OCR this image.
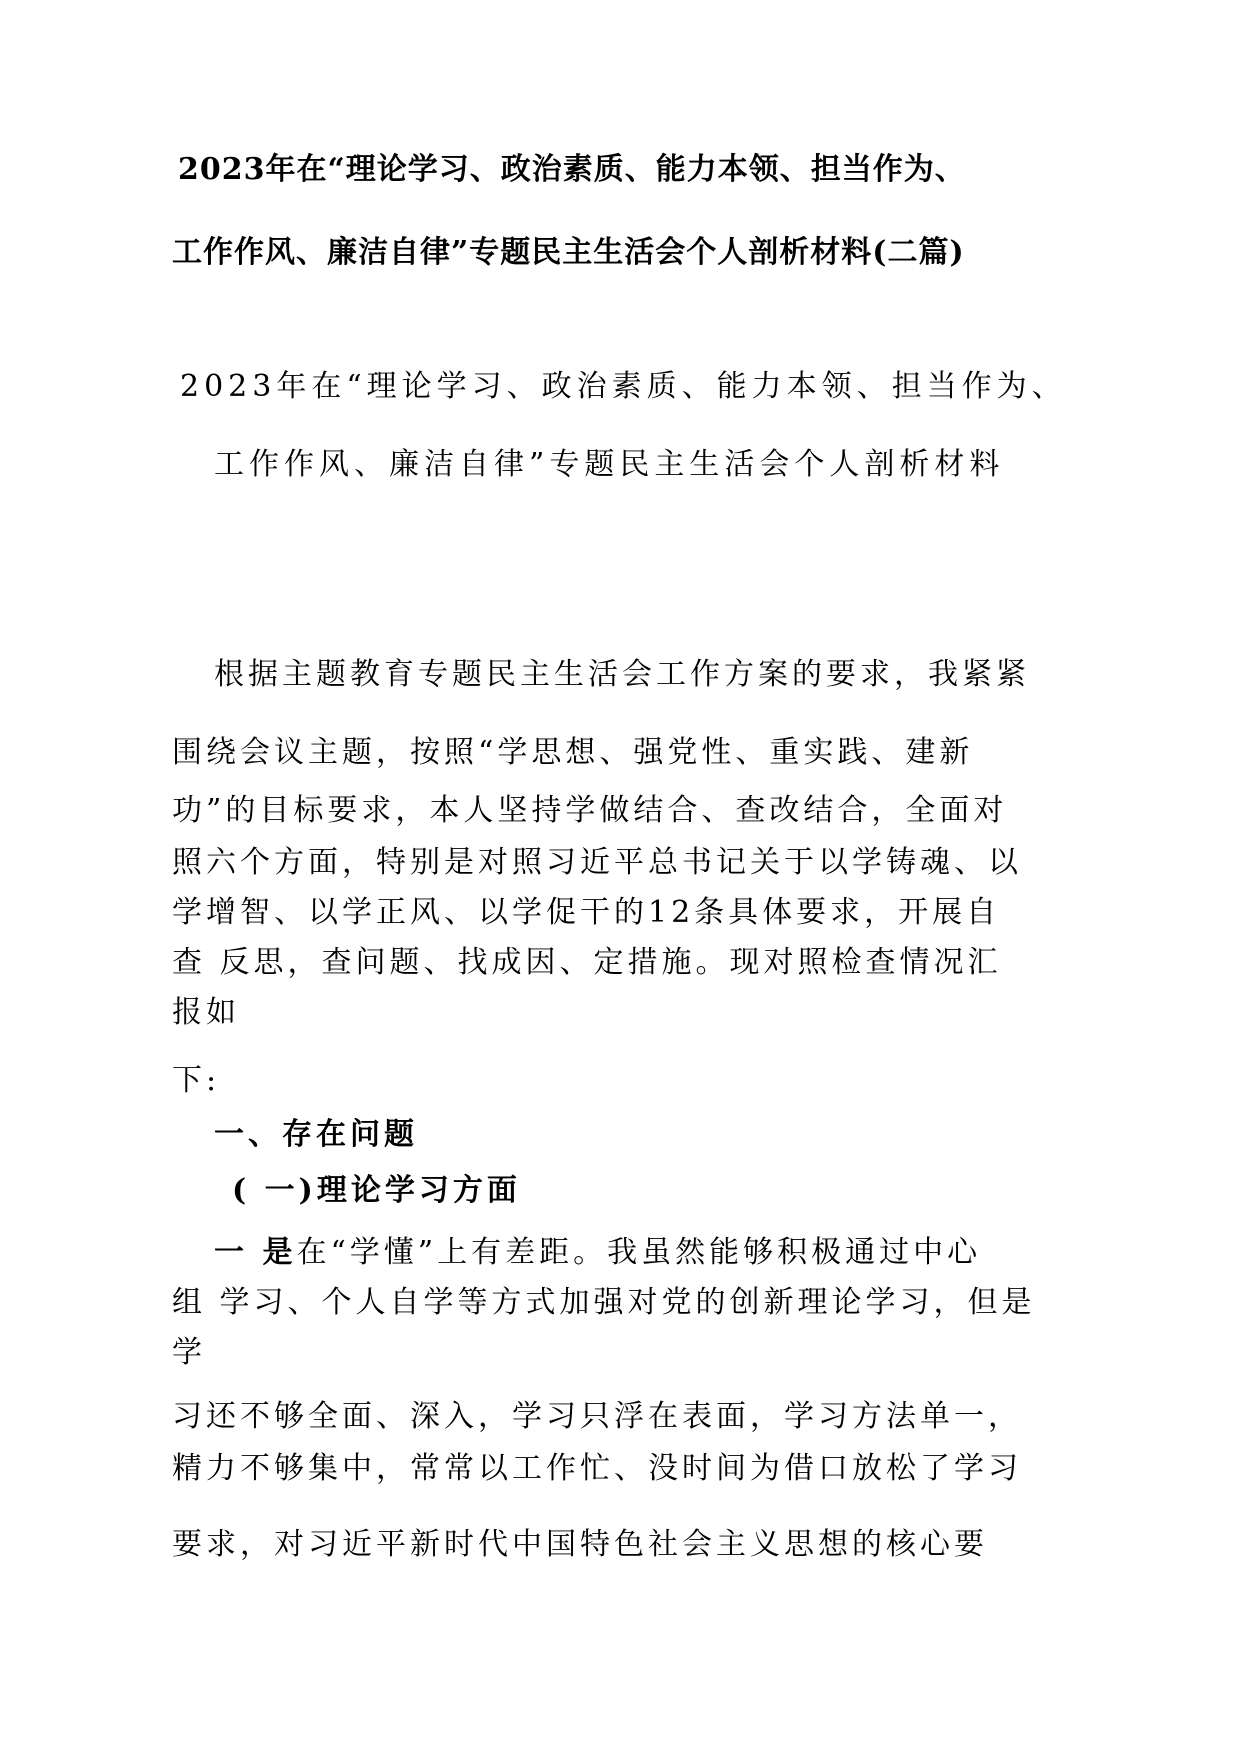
2023年在“理论学习、政治素质、能力本领、担当作为、
工作作风、廉洁自律”专题民主生活会个人剖析材料(二篇)
2023年在“理论学习、政治素质、能力本领、担当作为、
工作作风、廉洁自律”专题民主生活会个人剖析材料
根据主题教育专题民主生活会工作方案的要求，我紧紧
围绕会议主题，按照“学思想、强党性、重实践、建新
功”的目标要求，本人坚持学做结合、查改结合，全面对
照六个方面，特别是对照习近平总书记关于以学铸魂、以
学增智、以学正风、以学促干的12条具体要求，开展自
查 反思，查问题、找成因、定措施。现对照检查情况汇
报如
下:
一、存在问题
( 一)理论学习方面
一 是在“学懂”上有差距。我虽然能够积极通过中心
组 学习、个人自学等方式加强对党的创新理论学习，但是
学
习还不够全面、深入，学习只浮在表面，学习方法单一，
精力不够集中，常常以工作忙、没时间为借口放松了学习
要求，对习近平新时代中国特色社会主义思想的核心要
